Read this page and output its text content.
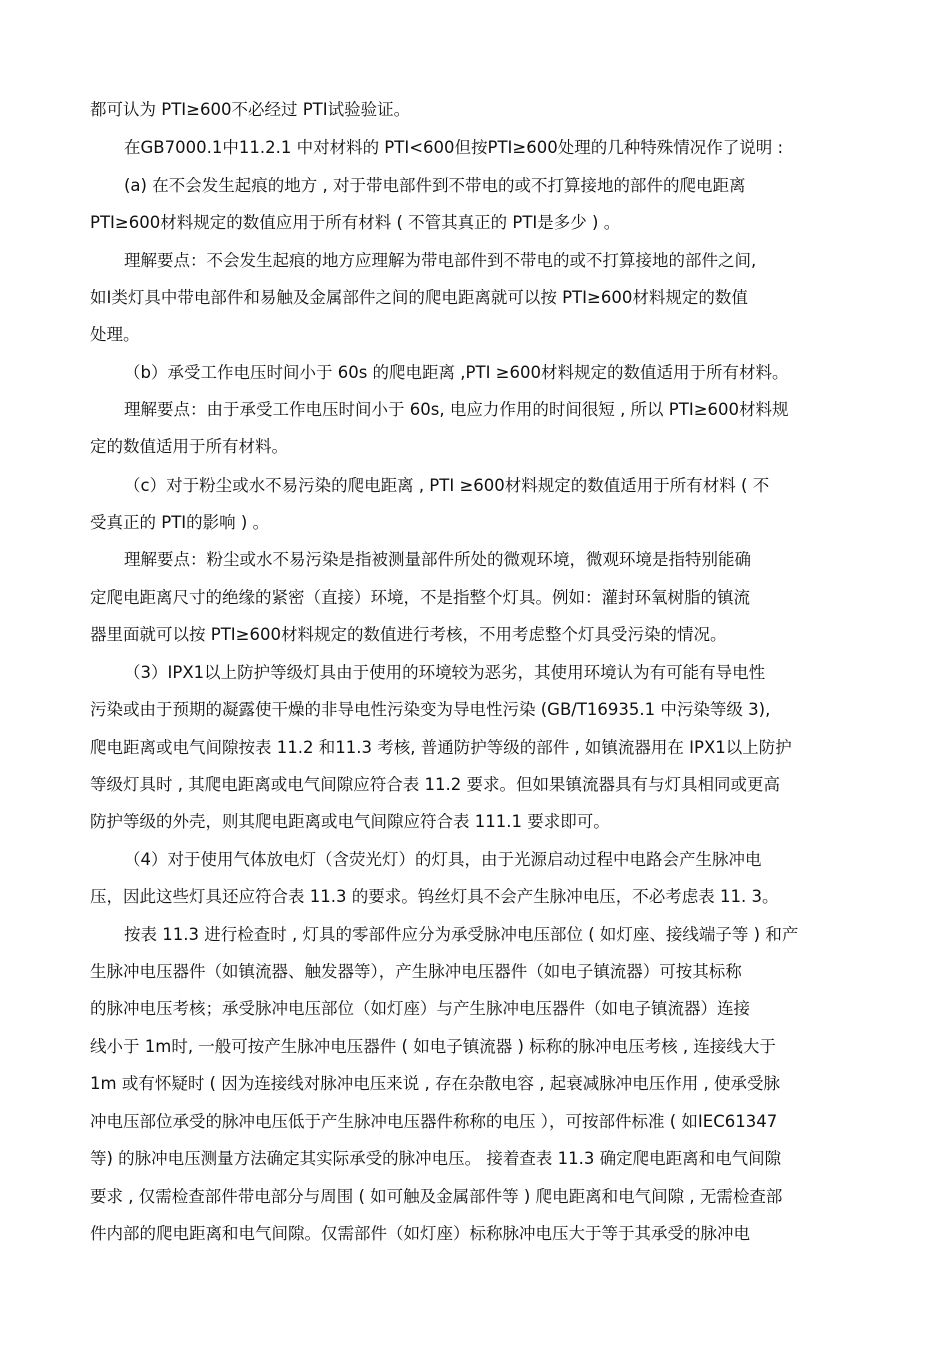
都可认为 PTI≥600不必经过 PTI试验验证。
在GB7000.1中11.2.1 中对材料的 PTI<600但按PTI≥600处理的几种特殊情况作了说明 :
(a) 在不会发生起痕的地方 , 对于带电部件到不带电的或不打算接地的部件的爬电距离
PTI≥600材料规定的数值应用于所有材料 ( 不管其真正的 PTI是多少 ) 。
理解要点：不会发生起痕的地方应理解为带电部件到不带电的或不打算接地的部件之间,
如Ⅰ类灯具中带电部件和易触及金属部件之间的爬电距离就可以按 PTI≥600材料规定的数值
处理。
（b）承受工作电压时间小于 60s 的爬电距离 ,PTI ≥600材料规定的数值适用于所有材料。
理解要点：由于承受工作电压时间小于 60s, 电应力作用的时间很短 , 所以 PTI≥600材料规
定的数值适用于所有材料。
（c）对于粉尘或水不易污染的爬电距离 , PTI ≥600材料规定的数值适用于所有材料 ( 不
受真正的 PTI的影响 ) 。
理解要点：粉尘或水不易污染是指被测量部件所处的微观环境，微观环境是指特别能确
定爬电距离尺寸的绝缘的紧密（直接）环境，不是指整个灯具。例如：灌封环氧树脂的镇流
器里面就可以按 PTI≥600材料规定的数值进行考核，不用考虑整个灯具受污染的情况。
（3）IPX1以上防护等级灯具由于使用的环境较为恶劣，其使用环境认为有可能有导电性
污染或由于预期的凝露使干燥的非导电性污染变为导电性污染 (GB/T16935.1 中污染等级 3),
爬电距离或电气间隙按表 11.2 和11.3 考核, 普通防护等级的部件 , 如镇流器用在 IPX1以上防护
等级灯具时 , 其爬电距离或电气间隙应符合表 11.2 要求。但如果镇流器具有与灯具相同或更高
防护等级的外壳，则其爬电距离或电气间隙应符合表 111.1 要求即可。
（4）对于使用气体放电灯（含荧光灯）的灯具，由于光源启动过程中电路会产生脉冲电
压，因此这些灯具还应符合表 11.3 的要求。钨丝灯具不会产生脉冲电压，不必考虑表 11. 3。
按表 11.3 进行检查时 , 灯具的零部件应分为承受脉冲电压部位 ( 如灯座、接线端子等 ) 和产
生脉冲电压器件（如镇流器、触发器等），产生脉冲电压器件（如电子镇流器）可按其标称
的脉冲电压考核；承受脉冲电压部位（如灯座）与产生脉冲电压器件（如电子镇流器）连接
线小于 1m时, 一般可按产生脉冲电压器件 ( 如电子镇流器 ) 标称的脉冲电压考核 , 连接线大于
1m 或有怀疑时 ( 因为连接线对脉冲电压来说 , 存在杂散电容 , 起衰减脉冲电压作用 , 使承受脉
冲电压部位承受的脉冲电压低于产生脉冲电压器件称称的电压 ），可按部件标准 ( 如IEC61347
等) 的脉冲电压测量方法确定其实际承受的脉冲电压。 接着查表 11.3 确定爬电距离和电气间隙
要求 , 仅需检查部件带电部分与周围 ( 如可触及金属部件等 ) 爬电距离和电气间隙 , 无需检查部
件内部的爬电距离和电气间隙。仅需部件（如灯座）标称脉冲电压大于等于其承受的脉冲电
